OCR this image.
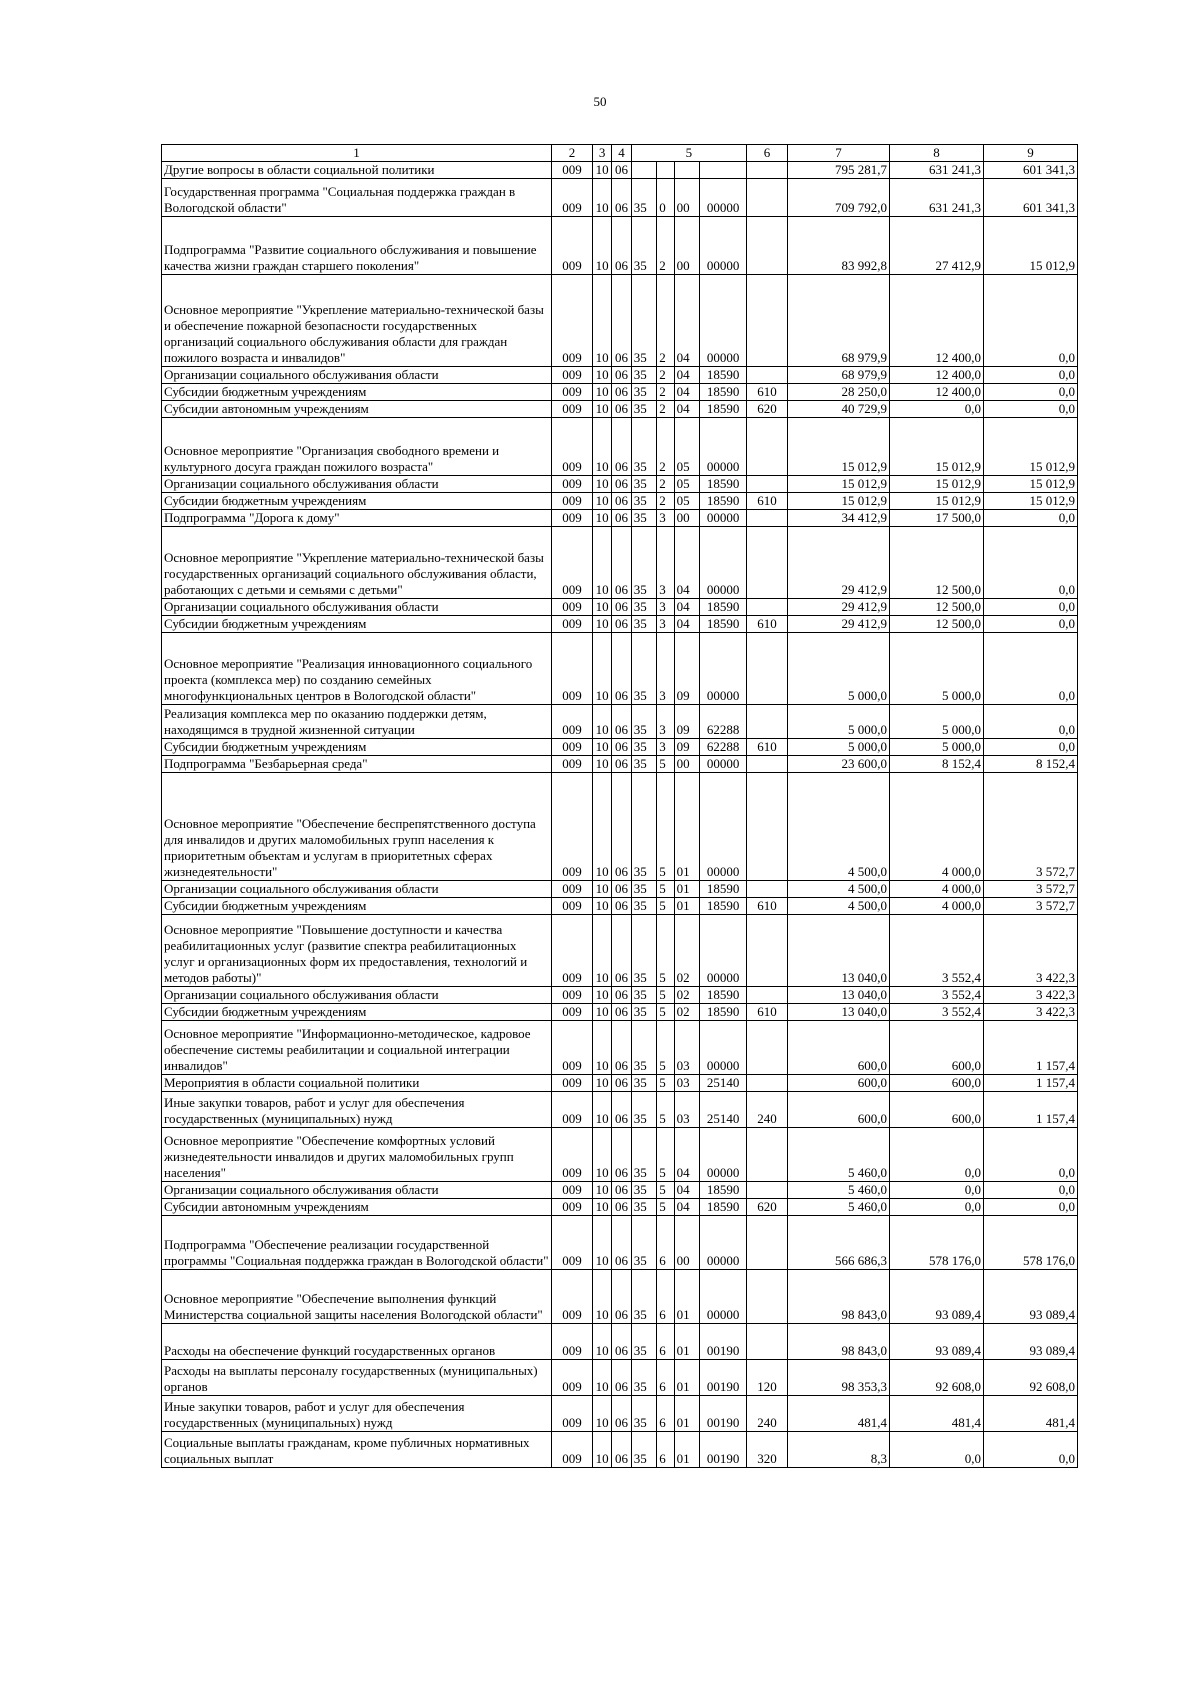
50
1	2	3	4	5				6	7	8	9
Другие вопросы в области социальной политики	009	10	06						795 281,7	631 241,3	601 341,3
Государственная программа "Социальная поддержка граждан в Вологодской области"	009	10	06	35	0	00	00000		709 792,0	631 241,3	601 341,3
Подпрограмма "Развитие социального обслуживания и повышение качества жизни граждан старшего поколения"	009	10	06	35	2	00	00000		83 992,8	27 412,9	15 012,9
Основное мероприятие "Укрепление материально-технической базы и обеспечение пожарной безопасности государственных организаций социального обслуживания области для граждан пожилого возраста и инвалидов"	009	10	06	35	2	04	00000		68 979,9	12 400,0	0,0
Организации социального обслуживания области	009	10	06	35	2	04	18590		68 979,9	12 400,0	0,0
Субсидии бюджетным учреждениям	009	10	06	35	2	04	18590	610	28 250,0	12 400,0	0,0
Субсидии автономным учреждениям	009	10	06	35	2	04	18590	620	40 729,9	0,0	0,0
Основное мероприятие "Организация свободного времени и культурного досуга граждан пожилого возраста"	009	10	06	35	2	05	00000		15 012,9	15 012,9	15 012,9
Организации социального обслуживания области	009	10	06	35	2	05	18590		15 012,9	15 012,9	15 012,9
Субсидии бюджетным учреждениям	009	10	06	35	2	05	18590	610	15 012,9	15 012,9	15 012,9
Подпрограмма "Дорога к дому"	009	10	06	35	3	00	00000		34 412,9	17 500,0	0,0
Основное мероприятие "Укрепление материально-технической базы государственных организаций социального обслуживания области, работающих с детьми и семьями с детьми"	009	10	06	35	3	04	00000		29 412,9	12 500,0	0,0
Организации социального обслуживания области	009	10	06	35	3	04	18590		29 412,9	12 500,0	0,0
Субсидии бюджетным учреждениям	009	10	06	35	3	04	18590	610	29 412,9	12 500,0	0,0
Основное мероприятие "Реализация инновационного социального проекта (комплекса мер) по созданию семейных многофункциональных центров в Вологодской области"	009	10	06	35	3	09	00000		5 000,0	5 000,0	0,0
Реализация комплекса мер по оказанию поддержки детям, находящимся в трудной жизненной ситуации	009	10	06	35	3	09	62288		5 000,0	5 000,0	0,0
Субсидии бюджетным учреждениям	009	10	06	35	3	09	62288	610	5 000,0	5 000,0	0,0
Подпрограмма "Безбарьерная среда"	009	10	06	35	5	00	00000		23 600,0	8 152,4	8 152,4
Основное мероприятие "Обеспечение беспрепятственного доступа для инвалидов и других маломобильных групп населения к приоритетным объектам и услугам в приоритетных сферах жизнедеятельности"	009	10	06	35	5	01	00000		4 500,0	4 000,0	3 572,7
Организации социального обслуживания области	009	10	06	35	5	01	18590		4 500,0	4 000,0	3 572,7
Субсидии бюджетным учреждениям	009	10	06	35	5	01	18590	610	4 500,0	4 000,0	3 572,7
Основное мероприятие "Повышение доступности и качества реабилитационных услуг (развитие спектра реабилитационных услуг и организационных форм их предоставления, технологий и методов работы)"	009	10	06	35	5	02	00000		13 040,0	3 552,4	3 422,3
Организации социального обслуживания области	009	10	06	35	5	02	18590		13 040,0	3 552,4	3 422,3
Субсидии бюджетным учреждениям	009	10	06	35	5	02	18590	610	13 040,0	3 552,4	3 422,3
Основное мероприятие "Информационно-методическое, кадровое обеспечение системы реабилитации и социальной интеграции инвалидов"	009	10	06	35	5	03	00000		600,0	600,0	1 157,4
Мероприятия в области социальной политики	009	10	06	35	5	03	25140		600,0	600,0	1 157,4
Иные закупки товаров, работ и услуг для обеспечения государственных (муниципальных) нужд	009	10	06	35	5	03	25140	240	600,0	600,0	1 157,4
Основное мероприятие "Обеспечение комфортных условий жизнедеятельности инвалидов и других маломобильных групп населения"	009	10	06	35	5	04	00000		5 460,0	0,0	0,0
Организации социального обслуживания области	009	10	06	35	5	04	18590		5 460,0	0,0	0,0
Субсидии автономным учреждениям	009	10	06	35	5	04	18590	620	5 460,0	0,0	0,0
Подпрограмма "Обеспечение реализации государственной программы "Социальная поддержка граждан в Вологодской области"	009	10	06	35	6	00	00000		566 686,3	578 176,0	578 176,0
Основное мероприятие "Обеспечение выполнения функций Министерства социальной защиты населения Вологодской области"	009	10	06	35	6	01	00000		98 843,0	93 089,4	93 089,4
Расходы на обеспечение функций государственных органов	009	10	06	35	6	01	00190		98 843,0	93 089,4	93 089,4
Расходы на выплаты персоналу государственных (муниципальных) органов	009	10	06	35	6	01	00190	120	98 353,3	92 608,0	92 608,0
Иные закупки товаров, работ и услуг для обеспечения государственных (муниципальных) нужд	009	10	06	35	6	01	00190	240	481,4	481,4	481,4
Социальные выплаты гражданам, кроме публичных нормативных социальных выплат	009	10	06	35	6	01	00190	320	8,3	0,0	0,0
